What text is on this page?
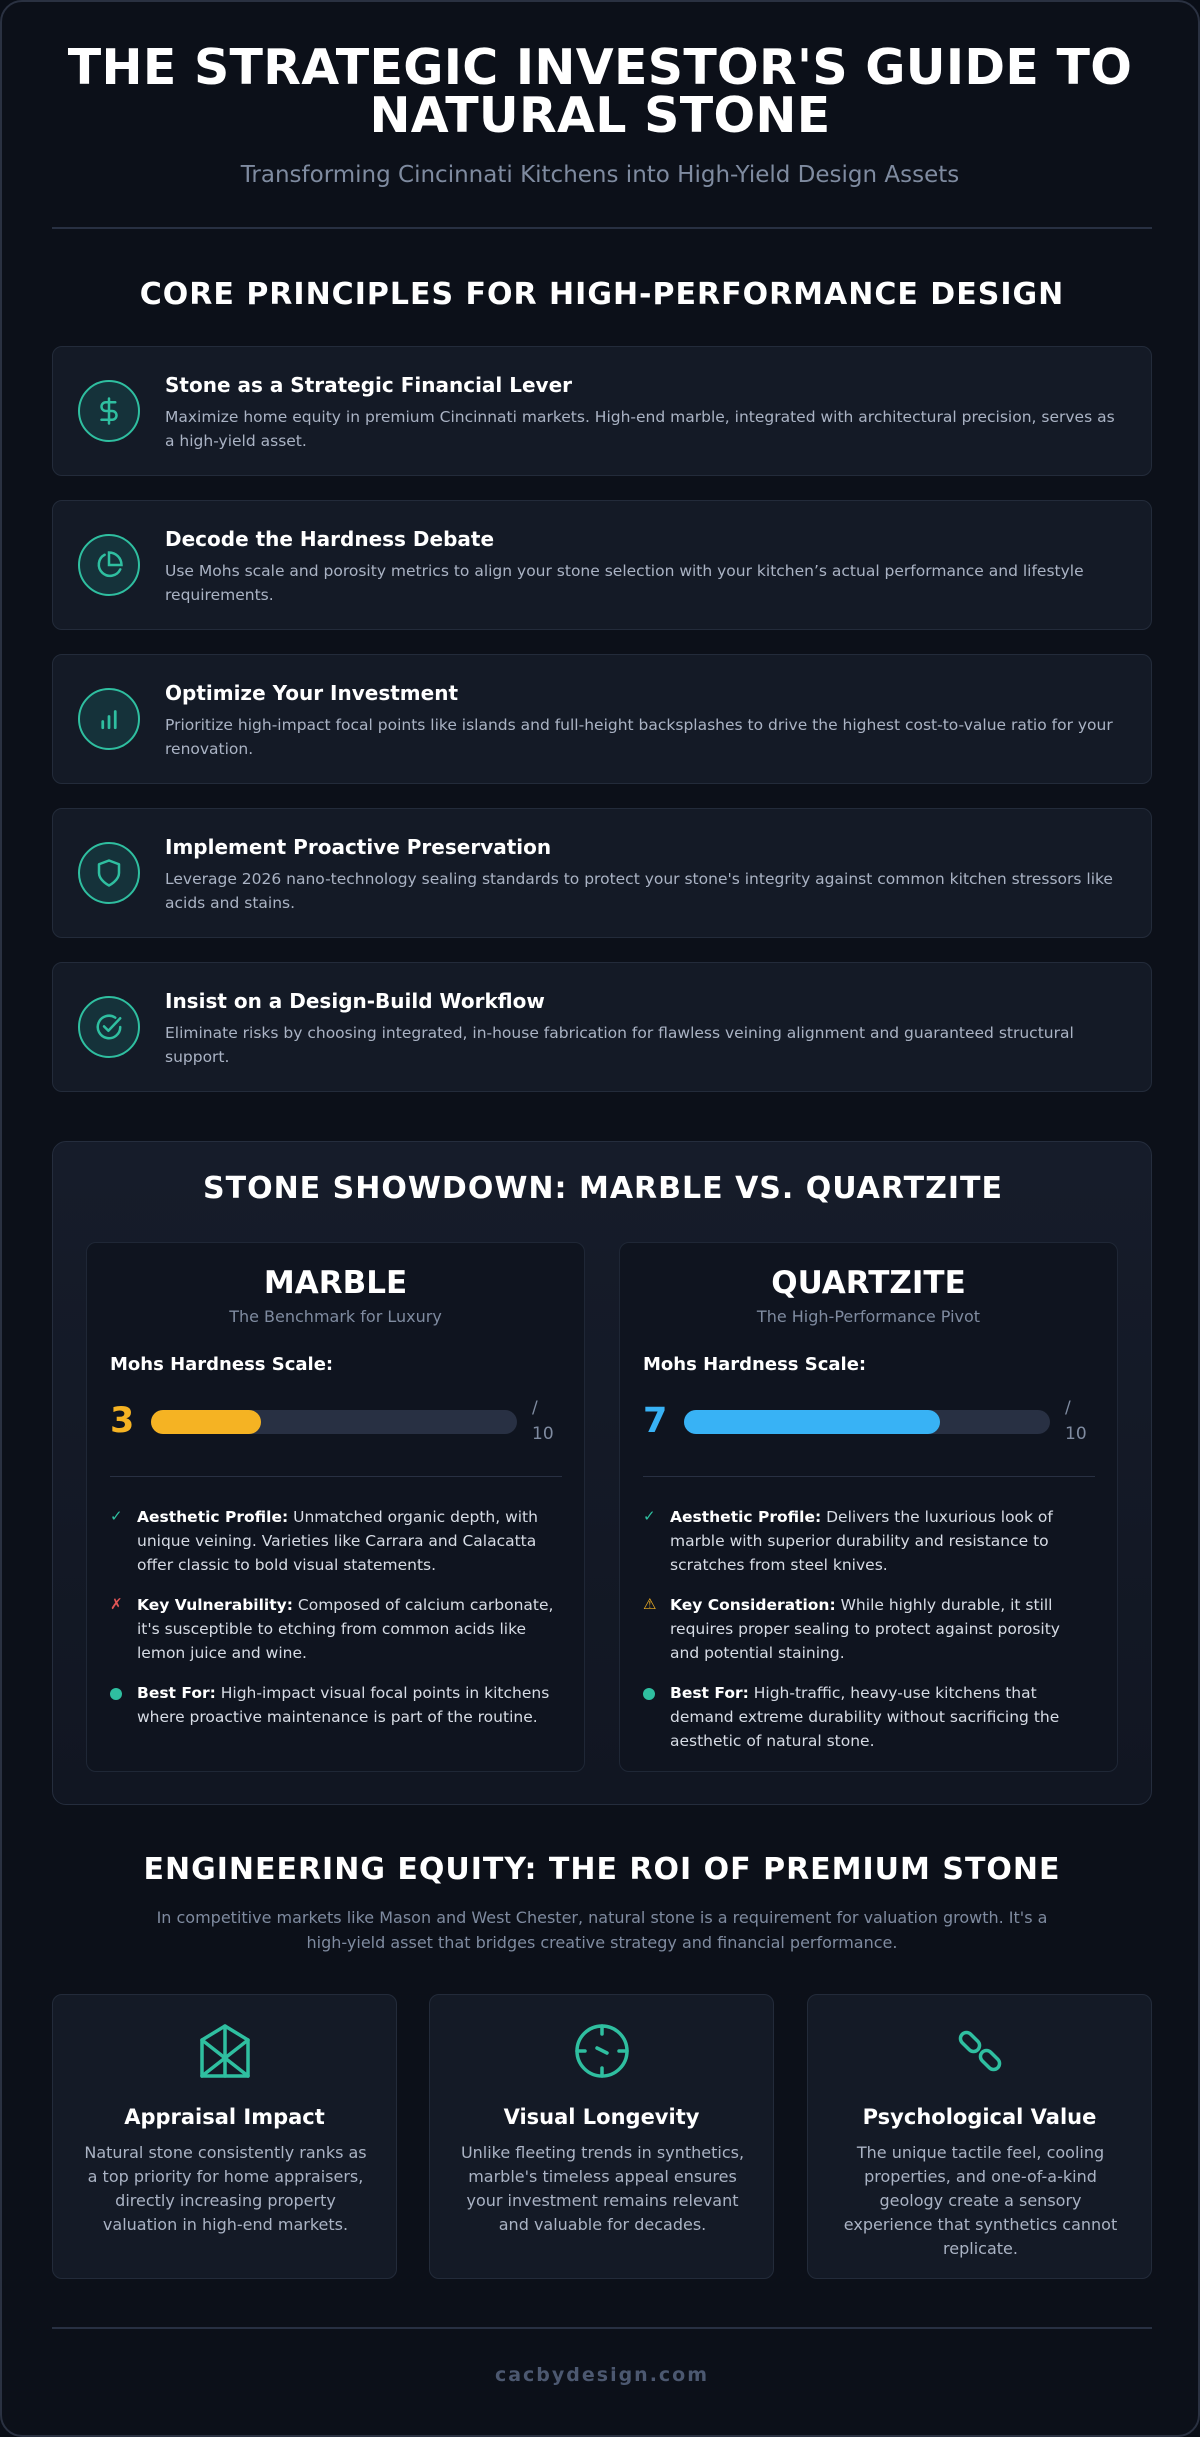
THE STRATEGIC INVESTOR'S GUIDE TO NATURAL STONE
Transforming Cincinnati Kitchens into High-Yield Design Assets
CORE PRINCIPLES FOR HIGH-PERFORMANCE DESIGN
Stone as a Strategic Financial Lever
Maximize home equity in premium Cincinnati markets. High-end marble, integrated with architectural precision, serves as a high-yield asset.
Decode the Hardness Debate
Use Mohs scale and porosity metrics to align your stone selection with your kitchen’s actual performance and lifestyle requirements.
Optimize Your Investment
Prioritize high-impact focal points like islands and full-height backsplashes to drive the highest cost-to-value ratio for your renovation.
Implement Proactive Preservation
Leverage 2026 nano-technology sealing standards to protect your stone's integrity against common kitchen stressors like acids and stains.
Insist on a Design-Build Workflow
Eliminate risks by choosing integrated, in-house fabrication for flawless veining alignment and guaranteed structural support.
STONE SHOWDOWN: MARBLE VS. QUARTZITE
MARBLE
The Benchmark for Luxury
Mohs Hardness Scale:
3	/
10
✓ Aesthetic Profile: Unmatched organic depth, with unique veining. Varieties like Carrara and Calacatta offer classic to bold visual statements.
✗ Key Vulnerability: Composed of calcium carbonate, it's susceptible to etching from common acids like lemon juice and wine.
Best For: High-impact visual focal points in kitchens where proactive maintenance is part of the routine.
QUARTZITE
The High-Performance Pivot
Mohs Hardness Scale:
7	/
10
✓ Aesthetic Profile: Delivers the luxurious look of marble with superior durability and resistance to scratches from steel knives.
⚠ Key Consideration: While highly durable, it still requires proper sealing to protect against porosity and potential staining.
Best For: High-traffic, heavy-use kitchens that demand extreme durability without sacrificing the aesthetic of natural stone.
ENGINEERING EQUITY: THE ROI OF PREMIUM STONE
In competitive markets like Mason and West Chester, natural stone is a requirement for valuation growth. It's a high-yield asset that bridges creative strategy and financial performance.
Appraisal Impact
Natural stone consistently ranks as a top priority for home appraisers, directly increasing property valuation in high-end markets.
Visual Longevity
Unlike fleeting trends in synthetics, marble's timeless appeal ensures your investment remains relevant and valuable for decades.
Psychological Value
The unique tactile feel, cooling properties, and one-of-a-kind geology create a sensory experience that synthetics cannot replicate.
cacbydesign.com
